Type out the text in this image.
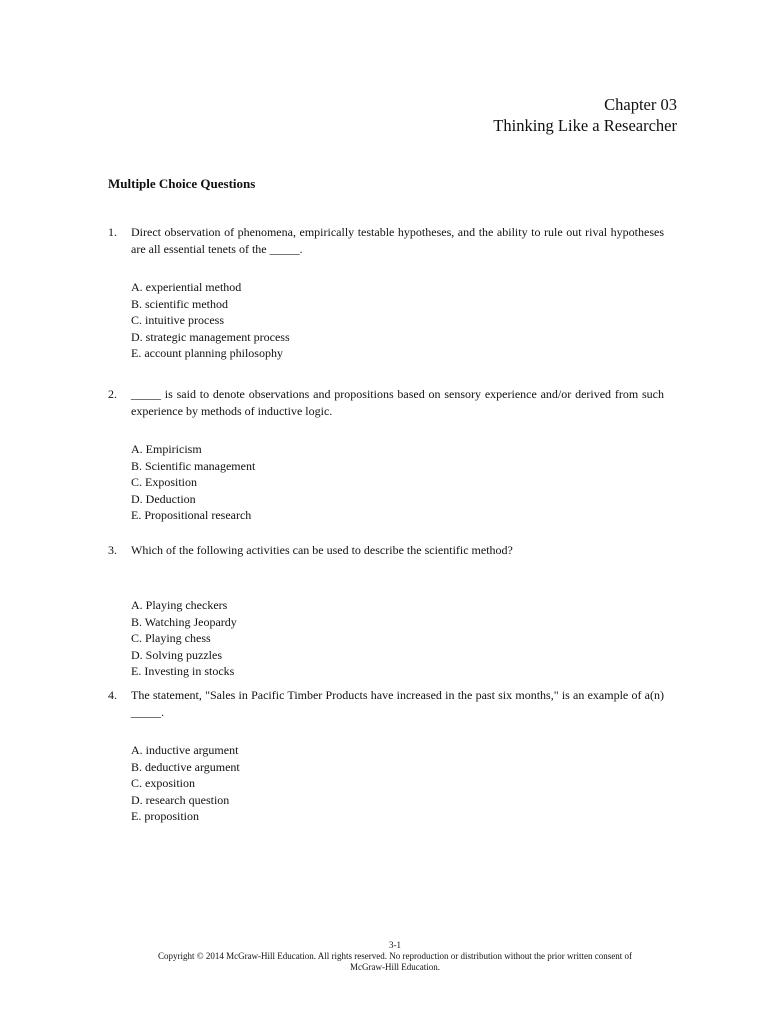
Chapter 03
Thinking Like a Researcher
Multiple Choice Questions
1. Direct observation of phenomena, empirically testable hypotheses, and the ability to rule out rival hypotheses are all essential tenets of the _____.
A. experiential method
B. scientific method
C. intuitive process
D. strategic management process
E. account planning philosophy
2. _____ is said to denote observations and propositions based on sensory experience and/or derived from such experience by methods of inductive logic.
A. Empiricism
B. Scientific management
C. Exposition
D. Deduction
E. Propositional research
3. Which of the following activities can be used to describe the scientific method?
A. Playing checkers
B. Watching Jeopardy
C. Playing chess
D. Solving puzzles
E. Investing in stocks
4. The statement, "Sales in Pacific Timber Products have increased in the past six months," is an example of a(n) _____.
A. inductive argument
B. deductive argument
C. exposition
D. research question
E. proposition
3-1
Copyright © 2014 McGraw-Hill Education. All rights reserved. No reproduction or distribution without the prior written consent of
McGraw-Hill Education.
